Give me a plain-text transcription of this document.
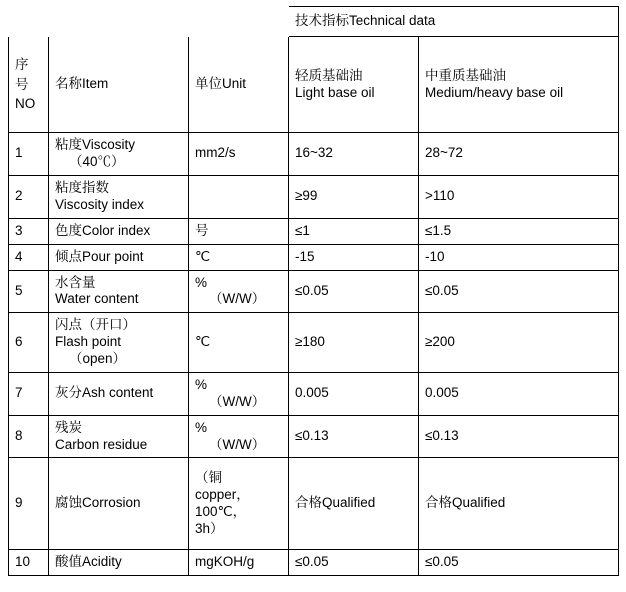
			技术指标Technical data	
序
号
NO	名称Item	单位Unit	轻质基础油
Light base oil	中重质基础油
Medium/heavy base oil
1	粘度Viscosity

（40℃）	mm2/s	16~32	28~72
2	粘度指数
Viscosity index		≥99	>110
3	色度Color index	号	≤1	≤1.5
4	倾点Pour point	℃	-15	-10
5	水含量
Water content	%

（W/W）	≤0.05	≤0.05
6	闪点（开口）
Flash point

（open）	℃	≥180	≥200
7	灰分Ash content	%

（W/W）	0.005	0.005
8	残炭
Carbon residue	%

（W/W）	≤0.13	≤0.13
9	腐蚀Corrosion	（铜
copper，
100℃，
3h）	合格Qualified	合格Qualified
10	酸值Acidity	mgKOH/g	≤0.05	≤0.05
